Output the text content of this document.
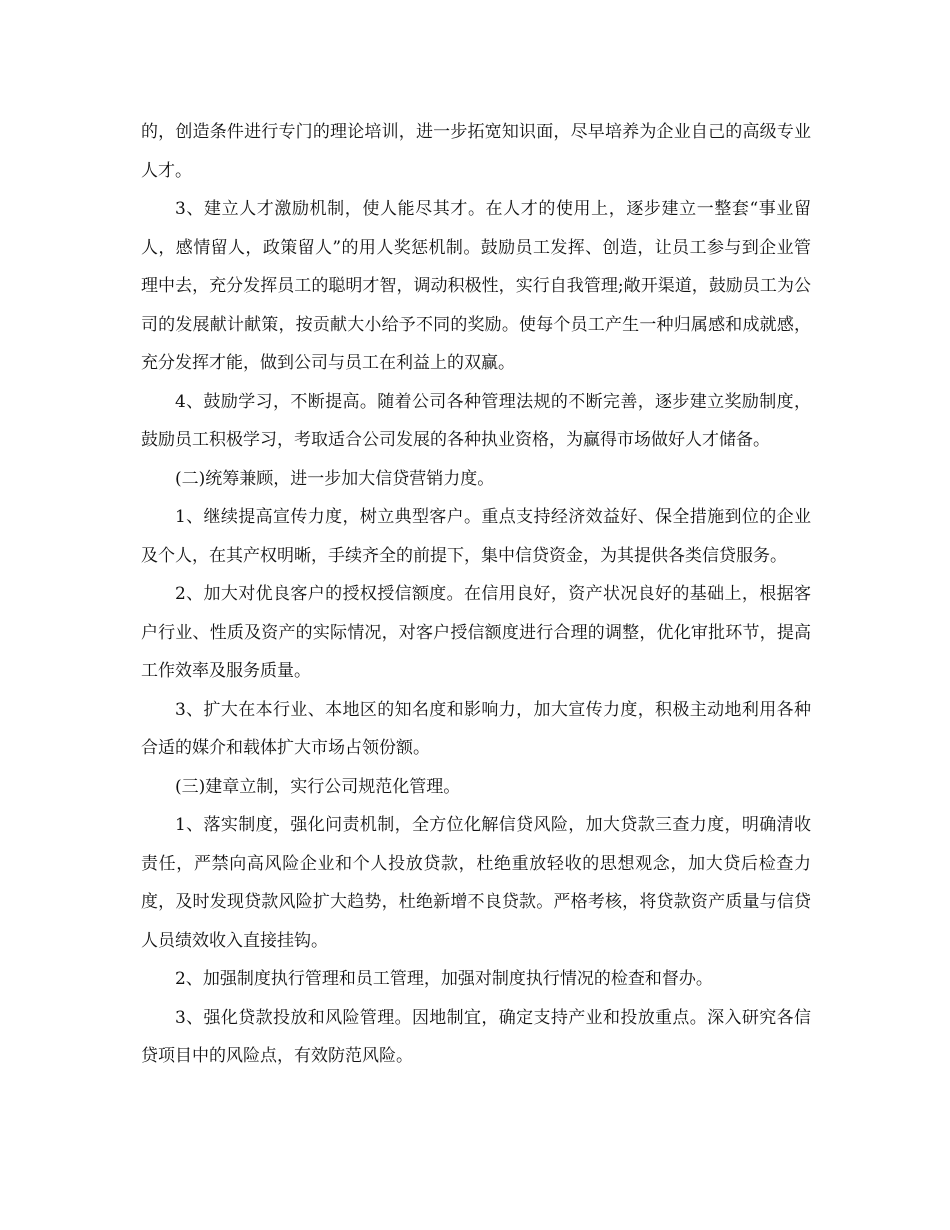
的，创造条件进行专门的理论培训，进一步拓宽知识面，尽早培养为企业自己的高级专业人才。

3、建立人才激励机制，使人能尽其才。在人才的使用上，逐步建立一整套“事业留人，感情留人，政策留人”的用人奖惩机制。鼓励员工发挥、创造，让员工参与到企业管理中去，充分发挥员工的聪明才智，调动积极性，实行自我管理;敞开渠道，鼓励员工为公司的发展献计献策，按贡献大小给予不同的奖励。使每个员工产生一种归属感和成就感，充分发挥才能，做到公司与员工在利益上的双赢。

4、鼓励学习，不断提高。随着公司各种管理法规的不断完善，逐步建立奖励制度，鼓励员工积极学习，考取适合公司发展的各种执业资格，为赢得市场做好人才储备。

(二)统筹兼顾，进一步加大信贷营销力度。

1、继续提高宣传力度，树立典型客户。重点支持经济效益好、保全措施到位的企业及个人，在其产权明晰，手续齐全的前提下，集中信贷资金，为其提供各类信贷服务。

2、加大对优良客户的授权授信额度。在信用良好，资产状况良好的基础上，根据客户行业、性质及资产的实际情况，对客户授信额度进行合理的调整，优化审批环节，提高工作效率及服务质量。

3、扩大在本行业、本地区的知名度和影响力，加大宣传力度，积极主动地利用各种合适的媒介和载体扩大市场占领份额。

(三)建章立制，实行公司规范化管理。

1、落实制度，强化问责机制，全方位化解信贷风险，加大贷款三查力度，明确清收责任，严禁向高风险企业和个人投放贷款，杜绝重放轻收的思想观念，加大贷后检查力度，及时发现贷款风险扩大趋势，杜绝新增不良贷款。严格考核，将贷款资产质量与信贷人员绩效收入直接挂钩。

2、加强制度执行管理和员工管理，加强对制度执行情况的检查和督办。

3、强化贷款投放和风险管理。因地制宜，确定支持产业和投放重点。深入研究各信贷项目中的风险点，有效防范风险。
